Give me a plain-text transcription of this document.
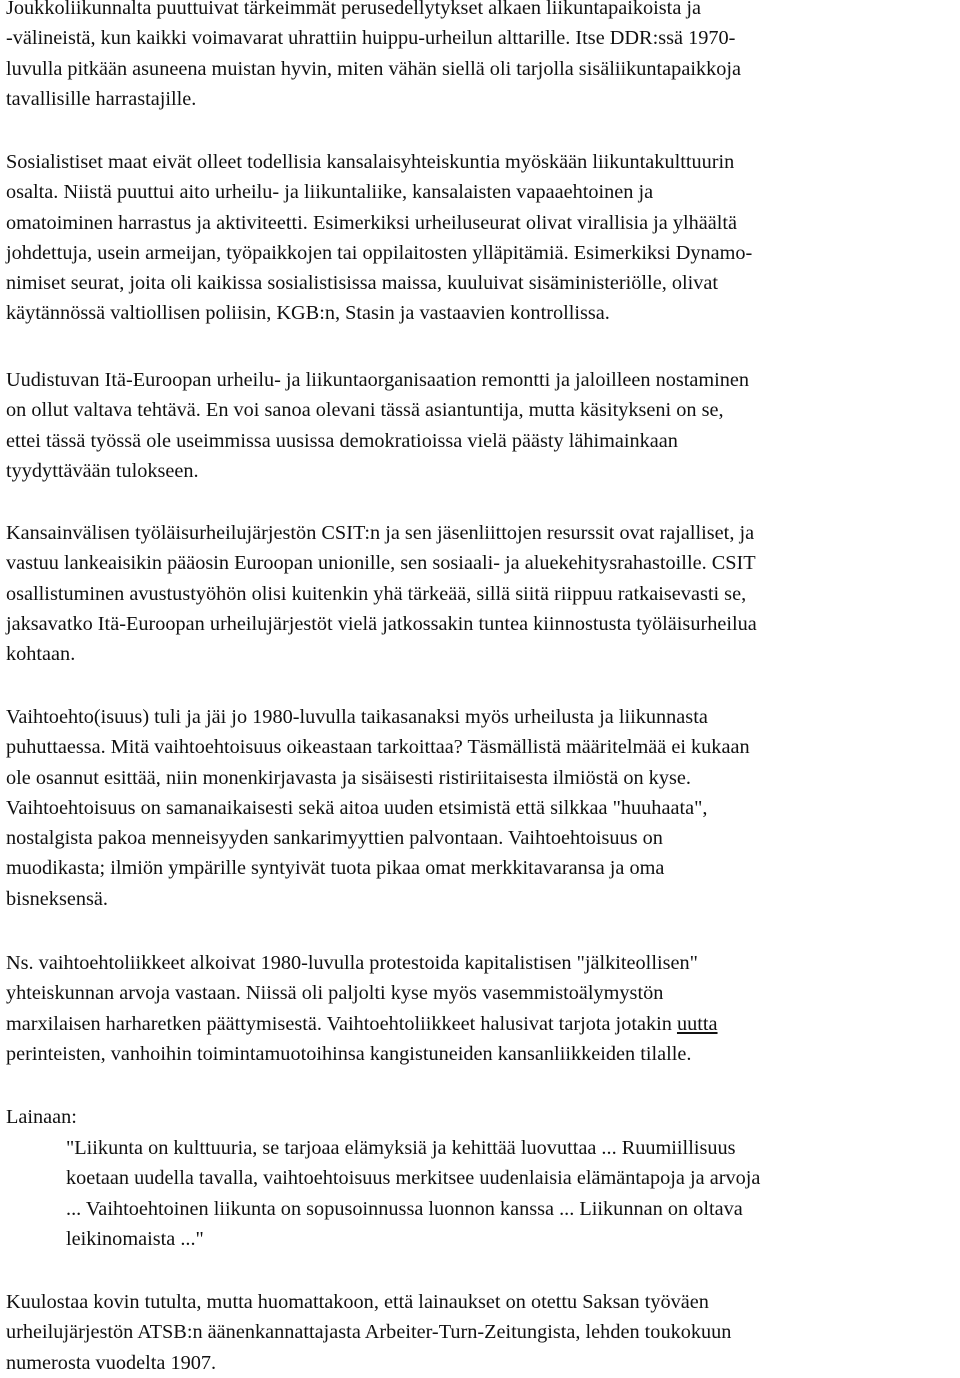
Joukkoliikunnalta puuttuivat tärkeimmät perusedellytykset alkaen liikuntapaikoista ja
-välineistä, kun kaikki voimavarat uhrattiin huippu-urheilun alttarille. Itse DDR:ssä 1970-
luvulla pitkään asuneena muistan hyvin, miten vähän siellä oli tarjolla sisäliikuntapaikkoja
tavallisille harrastajille.

Sosialistiset maat eivät olleet todellisia kansalaisyhteiskuntia myöskään liikuntakulttuurin
osalta. Niistä puuttui aito urheilu- ja liikuntaliike, kansalaisten vapaaehtoinen ja
omatoiminen harrastus ja aktiviteetti. Esimerkiksi urheiluseurat olivat virallisia ja ylhäältä
johdettuja, usein armeijan, työpaikkojen tai oppilaitosten ylläpitämiä. Esimerkiksi Dynamo-
nimiset seurat, joita oli kaikissa sosialistisissa maissa, kuuluivat sisäministeriölle, olivat
käytännössä valtiollisen poliisin, KGB:n, Stasin ja vastaavien kontrollissa.

Uudistuvan Itä-Euroopan urheilu- ja liikuntaorganisaation remontti ja jaloilleen nostaminen
on ollut valtava tehtävä. En voi sanoa olevani tässä asiantuntija, mutta käsitykseni on se,
ettei tässä työssä ole useimmissa uusissa demokratioissa vielä päästy lähimainkaan
tyydyttävään tulokseen.

Kansainvälisen työläisurheilujärjestön CSIT:n ja sen jäsenliittojen resurssit ovat rajalliset, ja
vastuu lankeaisikin pääosin Euroopan unionille, sen sosiaali- ja aluekehitysrahastoille. CSIT
osallistuminen avustustyöhön olisi kuitenkin yhä tärkeää, sillä siitä riippuu ratkaisevasti se,
jaksavatko Itä-Euroopan urheilujärjestöt vielä jatkossakin tuntea kiinnostusta työläisurheilua
kohtaan.

Vaihtoehto(isuus) tuli ja jäi jo 1980-luvulla taikasanaksi myös urheilusta ja liikunnasta
puhuttaessa. Mitä vaihtoehtoisuus oikeastaan tarkoittaa? Täsmällistä määritelmää ei kukaan
ole osannut esittää, niin monenkirjavasta ja sisäisesti ristiriitaisesta ilmiöstä on kyse.
Vaihtoehtoisuus on samanaikaisesti sekä aitoa uuden etsimistä että silkkaa "huuhaata",
nostalgista pakoa menneisyyden sankarimyyttien palvontaan. Vaihtoehtoisuus on
muodikasta; ilmiön ympärille syntyivät tuota pikaa omat merkkitavaransa ja oma
bisneksensä.

Ns. vaihtoehtoliikkeet alkoivat 1980-luvulla protestoida kapitalistisen "jälkiteollisen"
yhteiskunnan arvoja vastaan. Niissä oli paljolti kyse myös vasemmistoälymystön
marxilaisen harharetken päättymisestä. Vaihtoehtoliikkeet halusivat tarjota jotakin uutta
perinteisten, vanhoihin toimintamuotoihinsa kangistuneiden kansanliikkeiden tilalle.

Lainaan:

"Liikunta on kulttuuria, se tarjoaa elämyksiä ja kehittää luovuttaa ... Ruumiillisuus
koetaan uudella tavalla, vaihtoehtoisuus merkitsee uudenlaisia elämäntapoja ja arvoja
... Vaihtoehtoinen liikunta on sopusoinnussa luonnon kanssa ... Liikunnan on oltava
leikinomaista ..."

Kuulostaa kovin tutulta, mutta huomattakoon, että lainaukset on otettu Saksan työväen
urheilujärjestön ATSB:n äänenkannattajasta Arbeiter-Turn-Zeitungista, lehden toukokuun
numerosta vuodelta 1907.
